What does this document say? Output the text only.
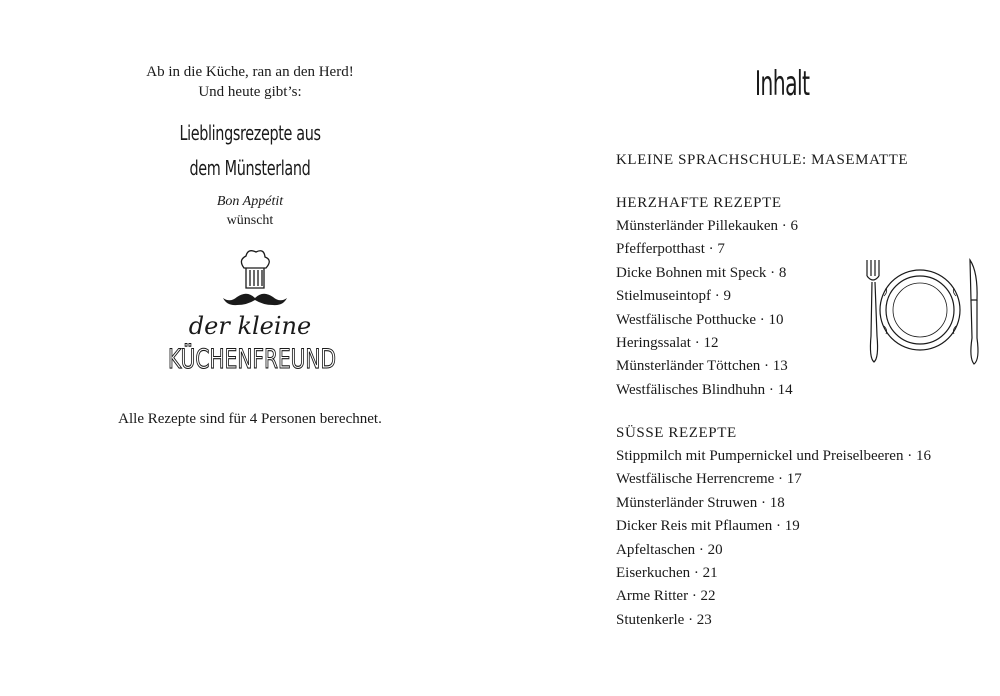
Ab in die Küche, ran an den Herd!
Und heute gibt’s:
Lieblingsrezepte aus
dem Münsterland
Bon Appétit
wünscht
der kleine
KÜCHENFREUND
Alle Rezepte sind für 4 Personen berechnet.
Inhalt
KLEINE SPRACHSCHULE: MASEMATTE
HERZHAFTE REZEPTE
Münsterländer Pillekauken · 6
Pfefferpotthast · 7
Dicke Bohnen mit Speck · 8
Stielmuseintopf · 9
Westfälische Potthucke · 10
Heringssalat · 12
Münsterländer Töttchen · 13
Westfälisches Blindhuhn · 14
SÜSSE REZEPTE
Stippmilch mit Pumpernickel und Preiselbeeren · 16
Westfälische Herrencreme · 17
Münsterländer Struwen · 18
Dicker Reis mit Pflaumen · 19
Apfeltaschen · 20
Eiserkuchen · 21
Arme Ritter · 22
Stutenkerle · 23
